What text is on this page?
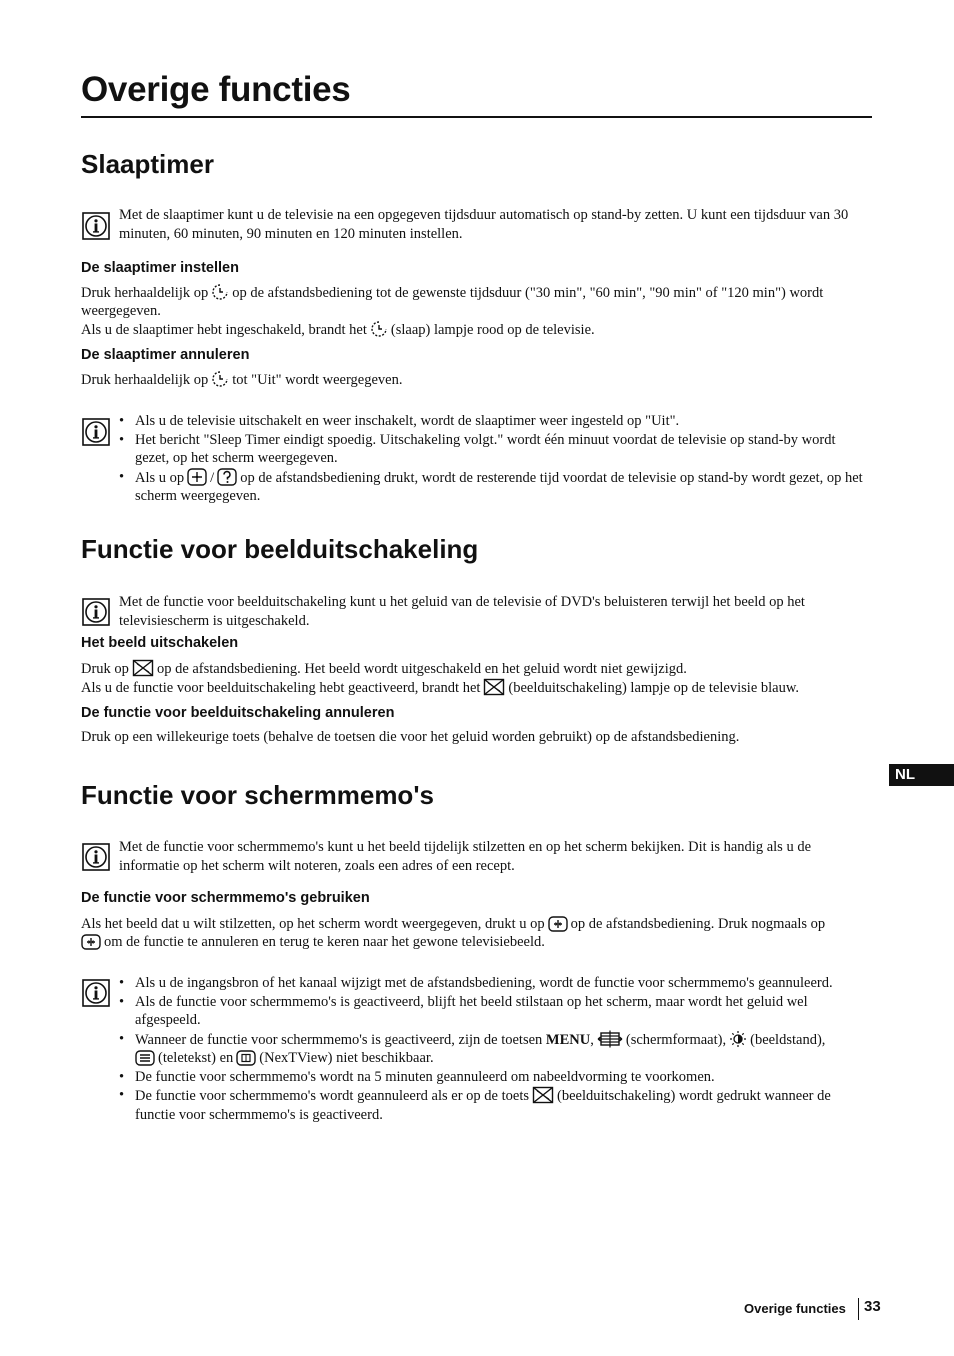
Overige functies
Slaaptimer
Met de slaaptimer kunt u de televisie na een opgegeven tijdsduur automatisch op stand-by zetten. U kunt een tijdsduur van 30 minuten, 60 minuten, 90 minuten en 120 minuten instellen.
De slaaptimer instellen
Druk herhaaldelijk op op de afstandsbediening tot de gewenste tijdsduur ("30 min", "60 min", "90 min" of "120 min") wordt weergegeven.
Als u de slaaptimer hebt ingeschakeld, brandt het (slaap) lampje rood op de televisie.
De slaaptimer annuleren
Druk herhaaldelijk op tot "Uit" wordt weergegeven.
• Als u de televisie uitschakelt en weer inschakelt, wordt de slaaptimer weer ingesteld op "Uit".
• Het bericht "Sleep Timer eindigt spoedig. Uitschakeling volgt." wordt één minuut voordat de televisie op stand-by wordt gezet, op het scherm weergegeven.
• Als u op / op de afstandsbediening drukt, wordt de resterende tijd voordat de televisie op stand-by wordt gezet, op het scherm weergegeven.
Functie voor beelduitschakeling
Met de functie voor beelduitschakeling kunt u het geluid van de televisie of DVD's beluisteren terwijl het beeld op het televisiescherm is uitgeschakeld.
Het beeld uitschakelen
Druk op op de afstandsbediening. Het beeld wordt uitgeschakeld en het geluid wordt niet gewijzigd.
Als u de functie voor beelduitschakeling hebt geactiveerd, brandt het (beelduitschakeling) lampje op de televisie blauw.
De functie voor beelduitschakeling annuleren
Druk op een willekeurige toets (behalve de toetsen die voor het geluid worden gebruikt) op de afstandsbediening.
Functie voor schermmemo's
Met de functie voor schermmemo's kunt u het beeld tijdelijk stilzetten en op het scherm bekijken. Dit is handig als u de informatie op het scherm wilt noteren, zoals een adres of een recept.
De functie voor schermmemo's gebruiken
Als het beeld dat u wilt stilzetten, op het scherm wordt weergegeven, drukt u op op de afstandsbediening. Druk nogmaals op
om de functie te annuleren en terug te keren naar het gewone televisiebeeld.
• Als u de ingangsbron of het kanaal wijzigt met de afstandsbediening, wordt de functie voor schermmemo's geannuleerd.
• Als de functie voor schermmemo's is geactiveerd, blijft het beeld stilstaan op het scherm, maar wordt het geluid wel afgespeeld.
• Wanneer de functie voor schermmemo's is geactiveerd, zijn de toetsen MENU, (schermformaat), (beeldstand),
(teletekst) en (NexTView) niet beschikbaar.
• De functie voor schermmemo's wordt na 5 minuten geannuleerd om nabeeldvorming te voorkomen.
• De functie voor schermmemo's wordt geannuleerd als er op de toets (beelduitschakeling) wordt gedrukt wanneer de functie voor schermmemo's is geactiveerd.
NL
Overige functies 33
